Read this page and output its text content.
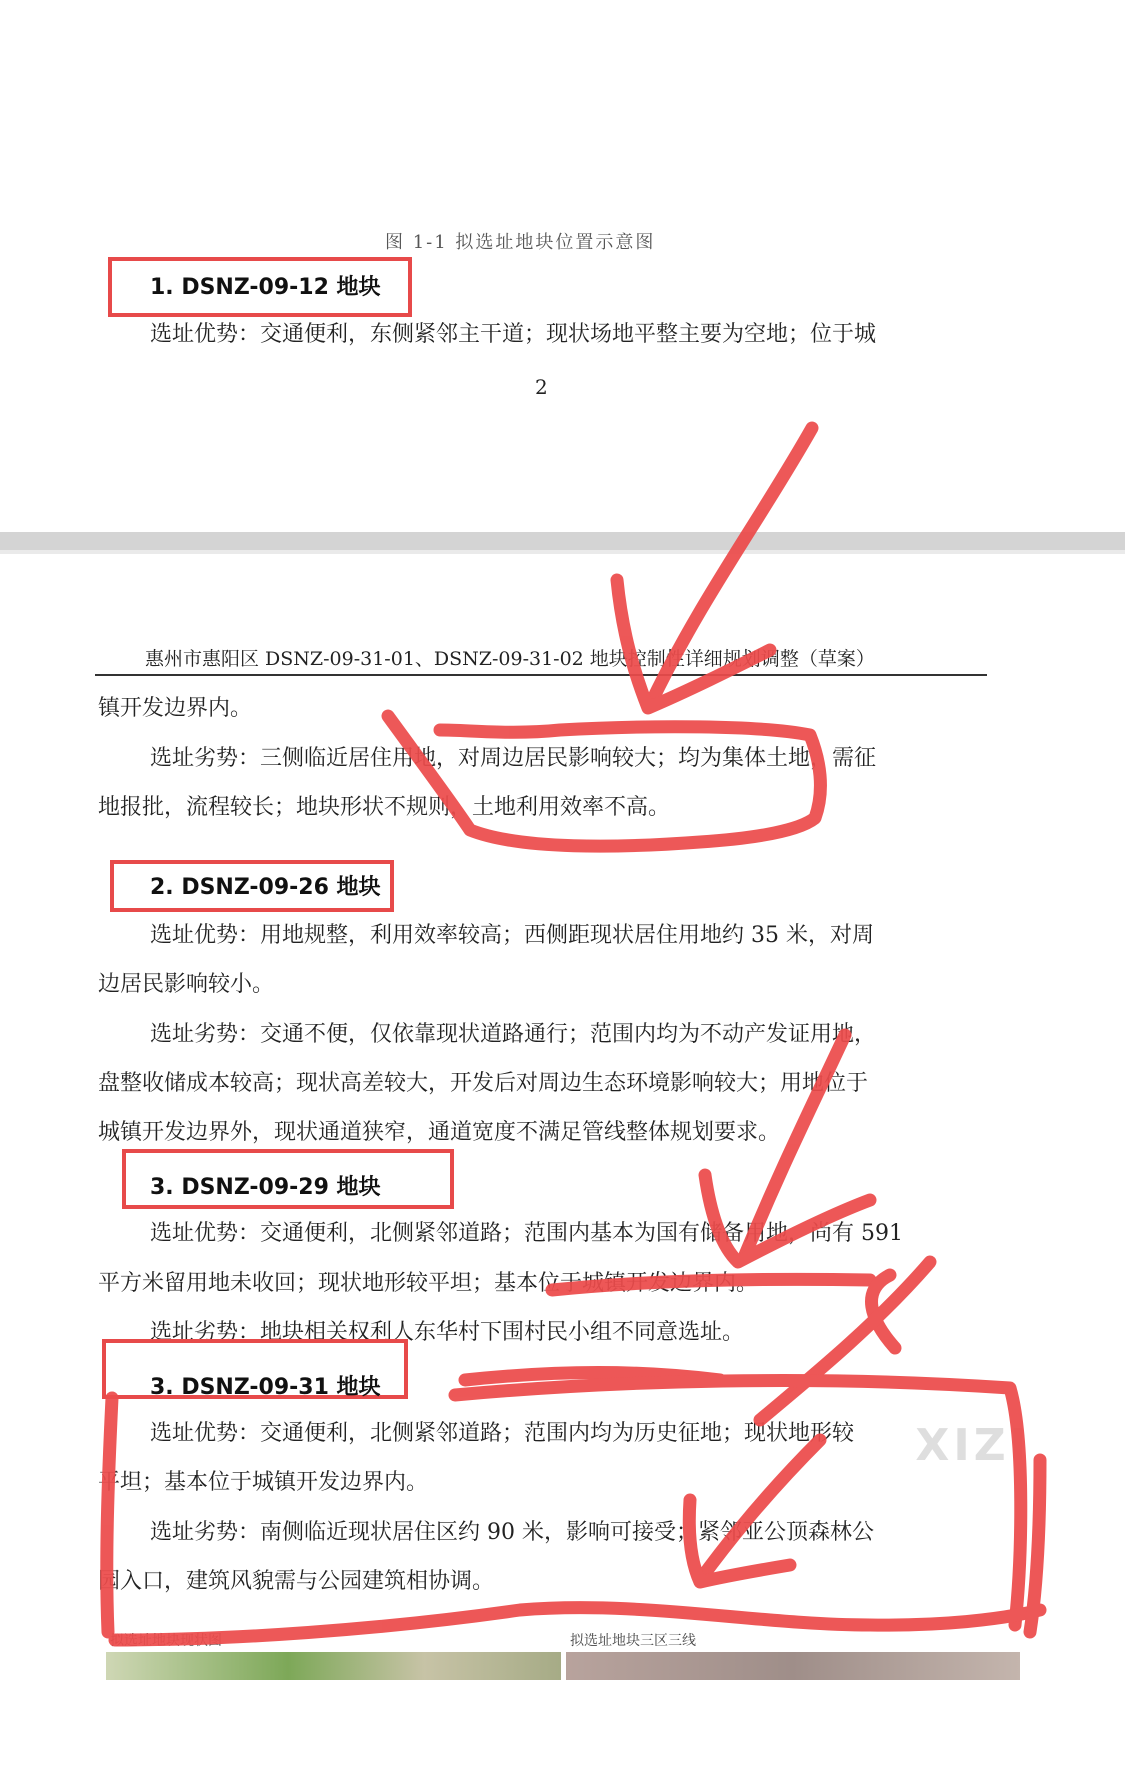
图 1-1 拟选址地块位置示意图
1. DSNZ-09-12 地块
选址优势：交通便利，东侧紧邻主干道；现状场地平整主要为空地；位于城
2
惠州市惠阳区 DSNZ-09-31-01、DSNZ-09-31-02 地块控制性详细规划调整（草案）
镇开发边界内。
选址劣势：三侧临近居住用地，对周边居民影响较大；均为集体土地，需征
地报批，流程较长；地块形状不规则，土地利用效率不高。
2. DSNZ-09-26 地块
选址优势：用地规整，利用效率较高；西侧距现状居住用地约 35 米，对周
边居民影响较小。
选址劣势：交通不便，仅依靠现状道路通行；范围内均为不动产发证用地，
盘整收储成本较高；现状高差较大，开发后对周边生态环境影响较大；用地位于
城镇开发边界外，现状通道狭窄，通道宽度不满足管线整体规划要求。
3. DSNZ-09-29 地块
选址优势：交通便利，北侧紧邻道路；范围内基本为国有储备用地，尚有 591
平方米留用地未收回；现状地形较平坦；基本位于城镇开发边界内。
选址劣势：地块相关权利人东华村下围村民小组不同意选址。
3. DSNZ-09-31 地块
选址优势：交通便利，北侧紧邻道路；范围内均为历史征地；现状地形较
平坦；基本位于城镇开发边界内。
选址劣势：南侧临近现状居住区约 90 米，影响可接受；紧邻亚公顶森林公
园入口，建筑风貌需与公园建筑相协调。
拟选址地块现状图	拟选址地块三区三线
XIZI
